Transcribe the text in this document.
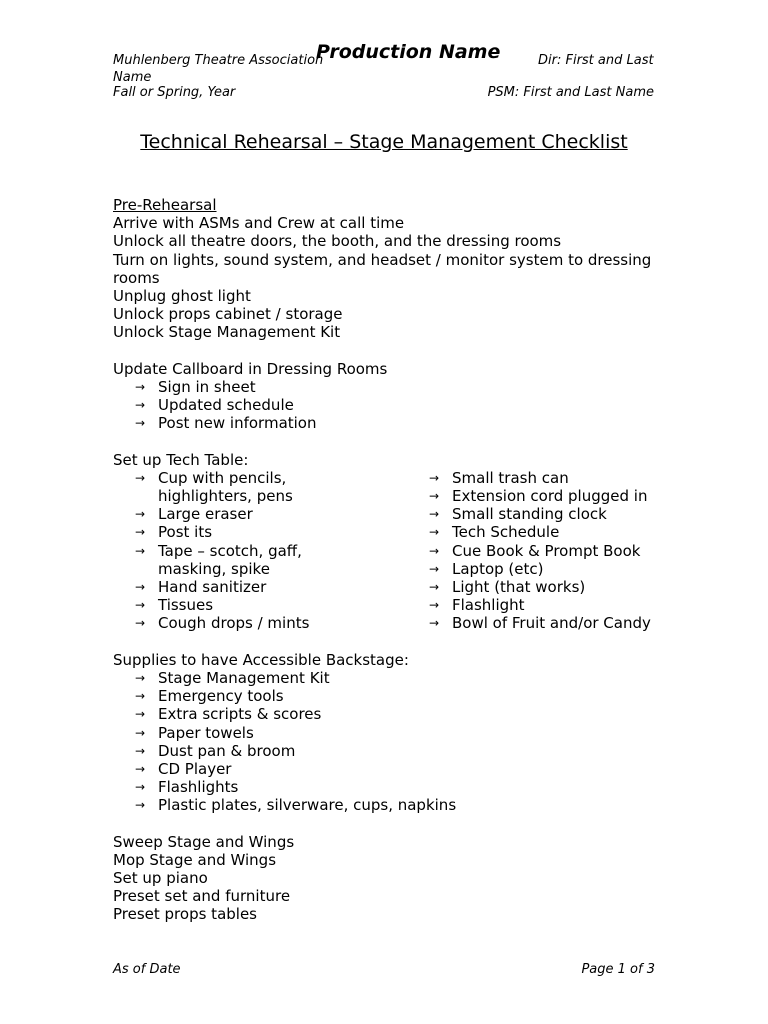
Dir: First and Last Name
Muhlenberg Theatre Association
Production Name
Fall or Spring, Year	PSM: First and Last Name
Technical Rehearsal – Stage Management Checklist
Pre-Rehearsal
Arrive with ASMs and Crew at call time
Unlock all theatre doors, the booth, and the dressing rooms
Turn on lights, sound system, and headset / monitor system to dressing rooms
Unplug ghost light
Unlock props cabinet / storage
Unlock Stage Management Kit
Update Callboard in Dressing Rooms
→ Sign in sheet
→ Updated schedule
→ Post new information
Set up Tech Table:
→ Cup with pencils, highlighters, pens
→ Large eraser
→ Post its
→ Tape – scotch, gaff, masking, spike
→ Hand sanitizer
→ Tissues
→ Cough drops / mints
→ Small trash can
→ Extension cord plugged in
→ Small standing clock
→ Tech Schedule
→ Cue Book & Prompt Book
→ Laptop (etc)
→ Light (that works)
→ Flashlight
→ Bowl of Fruit and/or Candy
Supplies to have Accessible Backstage:
→ Stage Management Kit
→ Emergency tools
→ Extra scripts & scores
→ Paper towels
→ Dust pan & broom
→ CD Player
→ Flashlights
→ Plastic plates, silverware, cups, napkins
Sweep Stage and Wings
Mop Stage and Wings
Set up piano
Preset set and furniture
Preset props tables
As of Date	Page 1 of 3
